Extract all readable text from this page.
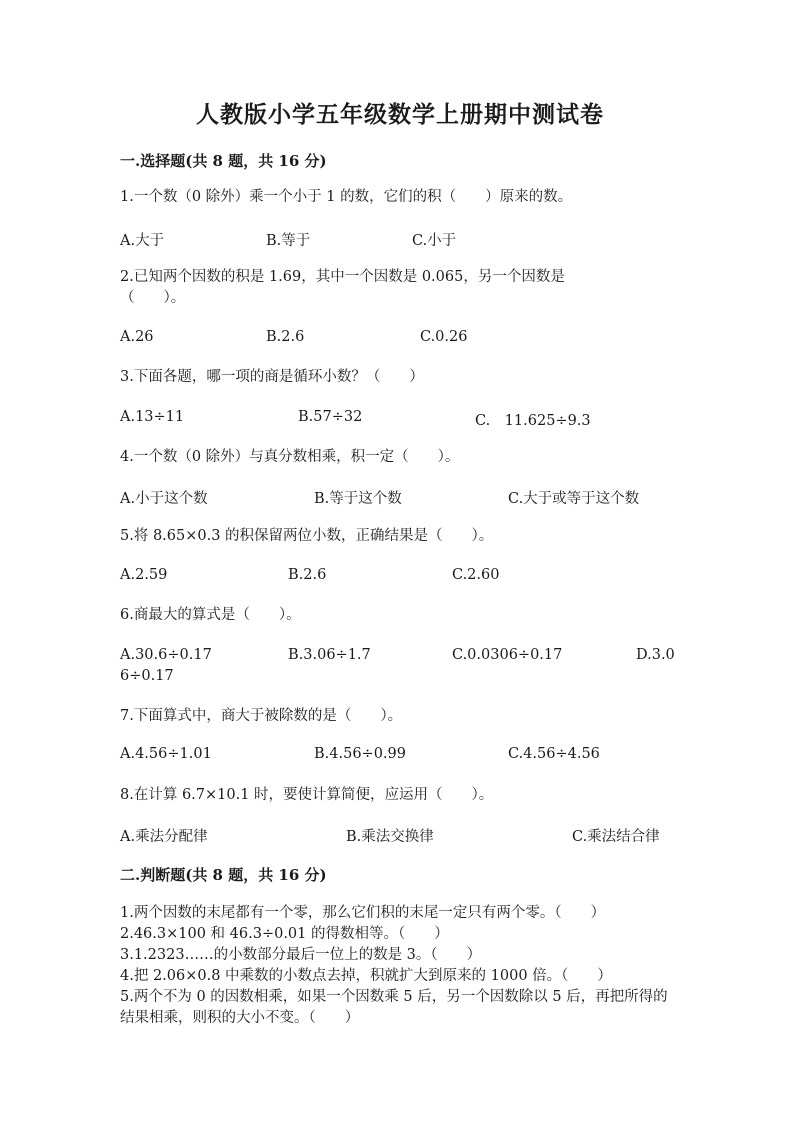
人教版小学五年级数学上册期中测试卷
一.选择题(共 8 题，共 16 分)
1.一个数（0 除外）乘一个小于 1 的数，它们的积（　　）原来的数。
A.大于	B.等于	C.小于
2.已知两个因数的积是 1.69，其中一个因数是 0.065，另一个因数是（　　）。
A.26	B.2.6	C.0.26
3.下面各题，哪一项的商是循环小数？（　　）
A.13÷11	B.57÷32	C.　11.625÷9.3
4.一个数（0 除外）与真分数相乘，积一定（　　）。
A.小于这个数	B.等于这个数	C.大于或等于这个数
5.将 8.65×0.3 的积保留两位小数，正确结果是（　　）。
A.2.59	B.2.6	C.2.60
6.商最大的算式是（　　）。
A.30.6÷0.17	B.3.06÷1.7	C.0.0306÷0.17	D.3.0
6÷0.17
7.下面算式中，商大于被除数的是（　　）。
A.4.56÷1.01	B.4.56÷0.99	C.4.56÷4.56
8.在计算 6.7×10.1 时，要使计算简便，应运用（　　）。
A.乘法分配律	B.乘法交换律	C.乘法结合律
二.判断题(共 8 题，共 16 分)
1.两个因数的末尾都有一个零，那么它们积的末尾一定只有两个零。（　　）
2.46.3×100 和 46.3÷0.01 的得数相等。（　　）
3.1.2323……的小数部分最后一位上的数是 3。（　　）
4.把 2.06×0.8 中乘数的小数点去掉，积就扩大到原来的 1000 倍。（　　）
5.两个不为 0 的因数相乘，如果一个因数乘 5 后，另一个因数除以 5 后，再把所得的结果相乘，则积的大小不变。（　　）
